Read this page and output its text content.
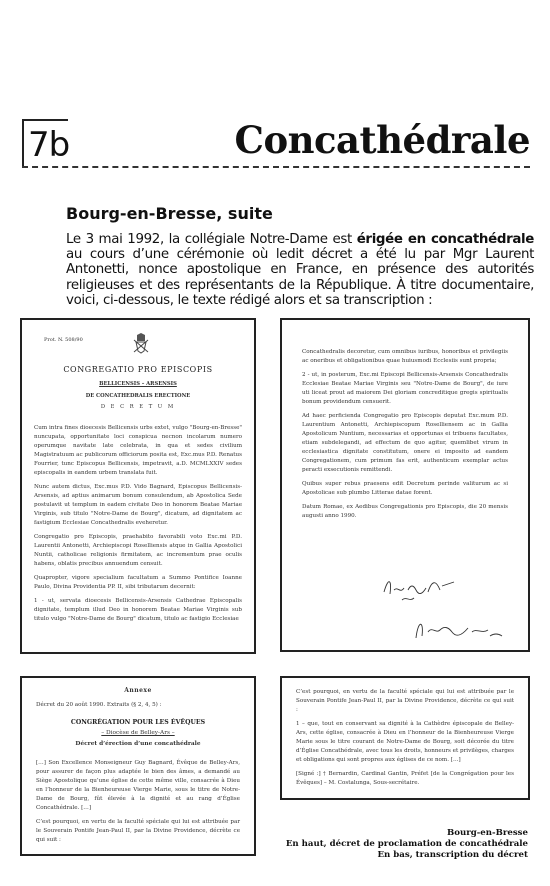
7b	Concathédrale
Bourg-en-Bresse, suite

Le 3 mai 1992, la collégiale Notre-Dame est érigée en concathédrale au cours d’une cérémonie où ledit décret a été lu par Mgr Laurent Antonetti, nonce apostolique en France, en présence des autorités religieuses et des représentants de la République. À titre documentaire, voici, ci-dessous, le texte rédigé alors et sa transcription :

Prot. N. 508/90
CONGREGATIO PRO EPISCOPIS
BELLICENSIS – ARSENSIS
DE CONCATHEDRALIS ERECTIONE
D E C R E T U M

Cum intra fines dioecesis Bellicensis urbs extet, vulgo "Bourg-en-Bresse" nuncupata, opportunitate loci conspicua necnon incolarum numero operumque navitate late celebrata, in qua et sedes civilium Magistratuum ac publicorum officiorum posita est, Exc.mus P.D. Renatus Fourrier, tunc Episcopus Bellicensis, impetravit, a.D. MCMLXXIV sedes episcopalis in eandem urbem translata fuit.

Nunc autem dictus, Exc.mus P.D. Vido Bagnard, Episcopus Bellicensis-Arsensis, ad aptius animarum bonum consulendum, ab Apostolica Sede postulavit ut templum in eadem civitate Deo in honorem Beatae Mariae Virginis, sub titulo "Notre-Dame de Bourg", dicatum, ad dignitatem ac fastigium Ecclesiae Concathedralis eveheretur.

Congregatio pro Episcopis, praehabito favorabili voto Exc.mi P.D. Laurentii Antonetti, Archiepiscopi Roselliensis atque in Gallia Apostolici Nuntii, catholicae religionis firmitatem, ac incrementum prae oculis habens, oblatis precibus annuendum censuit.

Quapropter, vigore specialium facultatum a Summo Pontifice Ioanne Paulo, Divina Providentia PP. II, sibi tributarum decernit:

1 - ut, servata dioecesis Bellicensis-Arsensis Cathedrae Episcopalis dignitate, templum illud Deo in honorem Beatae Mariae Virginis sub titulo vulgo "Notre-Dame de Bourg" dicatum, titulo ac fastigio Ecclesiae

Concathedralis decoretur, cum omnibus iuribus, honoribus et privilegiis ac oneribus et obligationibus quae huiusmodi Ecclesiis sunt propria;

2 - ut, in posterum, Exc.mi Episcopi Bellicensis-Arsensis Concathedralis Ecclesiae Beatae Mariae Virginis seu "Notre-Dame de Bourg", de iure uti liceat prout ad maiorem Dei gloriam concreditique gregis spiritualis bonum providendum censuerit.

Ad haec perficienda Congregatio pro Episcopis deputat Exc.mum P.D. Laurentium Antonetti, Archiepiscopum Roselliensem ac in Gallia Apostolicum Nuntium, necessarias et opportunas ei tribuens facultates, etiam subdelegandi, ad effectum de quo agitur, quemlibet virum in ecclesiastica dignitate constitutum, onere ei imposito ad eandem Congregationem, cum primum fas erit, authenticum exemplar actus peracti exsecutionis remittendi.

Quibus super rebus praesens edit Decretum perinde valiturum ac si Apostolicae sub plumbo Litterae datae forent.

Datum Romae, ex Aedibus Congregationis pro Episcopis, die 20 mensis augusti anno 1990.

Annexe

Décret du 20 août 1990. Extraits (§ 2, 4, 5) :

CONGRÉGATION POUR LES ÉVÊQUES
– Diocèse de Belley-Ars –
Décret d’érection d’une concathédrale

[…] Son Excellence Monseigneur Guy Bagnard, Évêque de Belley-Ars, pour assurer de façon plus adaptée le bien des âmes, a demandé au Siège Apostolique qu’une église de cette même ville, consacrée à Dieu en l’honneur de la Bienheureuse Vierge Marie, sous le titre de Notre-Dame de Bourg, fût élevée à la dignité et au rang d’Église Concathédrale. […]

C’est pourquoi, en vertu de la faculté spéciale qui lui est attribuée par le Souverain Pontife Jean-Paul II, par la Divine Providence, décrète ce qui suit :

C’est pourquoi, en vertu de la faculté spéciale qui lui est attribuée par le Souverain Pontife Jean-Paul II, par la Divine Providence, décrète ce qui suit :

1 – que, tout en conservant sa dignité à la Cathèdre épiscopale de Belley-Ars, cette église, consacrée à Dieu en l’honneur de la Bienheureuse Vierge Marie sous le titre courant de Notre-Dame de Bourg, soit décorée du titre d’Église Concathédrale, avec tous les droits, honneurs et privilèges, charges et obligations qui sont propres aux églises de ce nom. […]

[Signé :] † Bernardin, Cardinal Gantin, Préfet [de la Congrégation pour les Évêques] – M. Costalunga, Sous-secrétaire.

Bourg-en-Bresse
En haut, décret de proclamation de concathédrale
En bas, transcription du décret
